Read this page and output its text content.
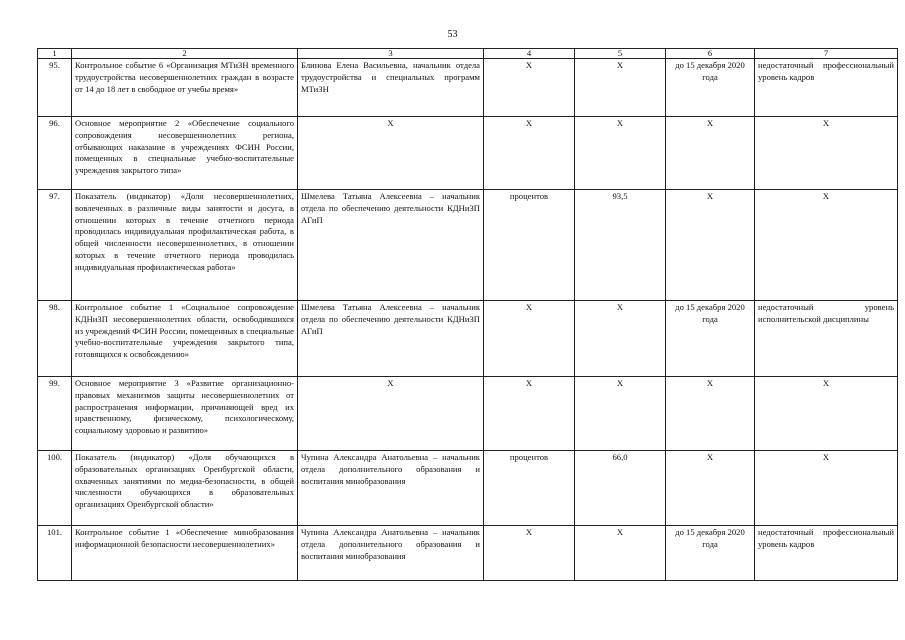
53
1	2	3	4	5	6	7
95.	Контрольное событие 6 «Организация МТиЗН временного трудоустройства несовершеннолетних граждан в возрасте от 14 до 18 лет в свободное от учебы время»	Блинова Елена Васильевна, начальник отдела трудоустройства и специальных программ МТиЗН	X	X	до 15 декабря 2020 года	недостаточный профессиональный уровень кадров
96.	Основное мероприятие 2 «Обеспечение социального сопровождения несовершеннолетних региона, отбывающих наказание в учреждениях ФСИН России, помещенных в специальные учебно-воспитательные учреждения закрытого типа»	X	X	X	X	X
97.	Показатель (индикатор) «Доля несовершеннолетних, вовлеченных в различные виды занятости и досуга, в отношении которых в течение отчетного периода проводилась индивидуальная профилактическая работа, в общей численности несовершеннолетних, в отношении которых в течение отчетного периода проводилась индивидуальная профилактическая работа»	Шмелева Татьяна Алексеевна – начальник отдела по обеспечению деятельности КДНиЗП АГиП	процентов	93,5	X	X
98.	Контрольное событие 1 «Социальное сопровождение КДНиЗП несовершеннолетних области, освободившихся из учреждений ФСИН России, помещенных в специальные учебно-воспитательные учреждения закрытого типа, готовящихся к освобождению»	Шмелева Татьяна Алексеевна – начальник отдела по обеспечению деятельности КДНиЗП АГиП	X	X	до 15 декабря 2020 года	недостаточный уровень исполнительской дисциплины
99.	Основное мероприятие 3 «Развитие организационно-правовых механизмов защиты несовершеннолетних от распространения информации, причиняющей вред их нравственному, физическому, психологическому, социальному здоровью и развитию»	X	X	X	X	X
100.	Показатель (индикатор) «Доля обучающихся в образовательных организациях Оренбургской области, охваченных занятиями по медиа-безопасности, в общей численности обучающихся в образовательных организациях Оренбургской области»	Чупина Александра Анатольевна – начальник отдела дополнительного образования и воспитания минобразования	процентов	66,0	X	X
101.	Контрольное событие 1 «Обеспечение минобразования информационной безопасности несовершеннолетних»	Чупина Александра Анатольевна – начальник отдела дополнительного образования и воспитания минобразования	X	X	до 15 декабря 2020 года	недостаточный профессиональный уровень кадров
